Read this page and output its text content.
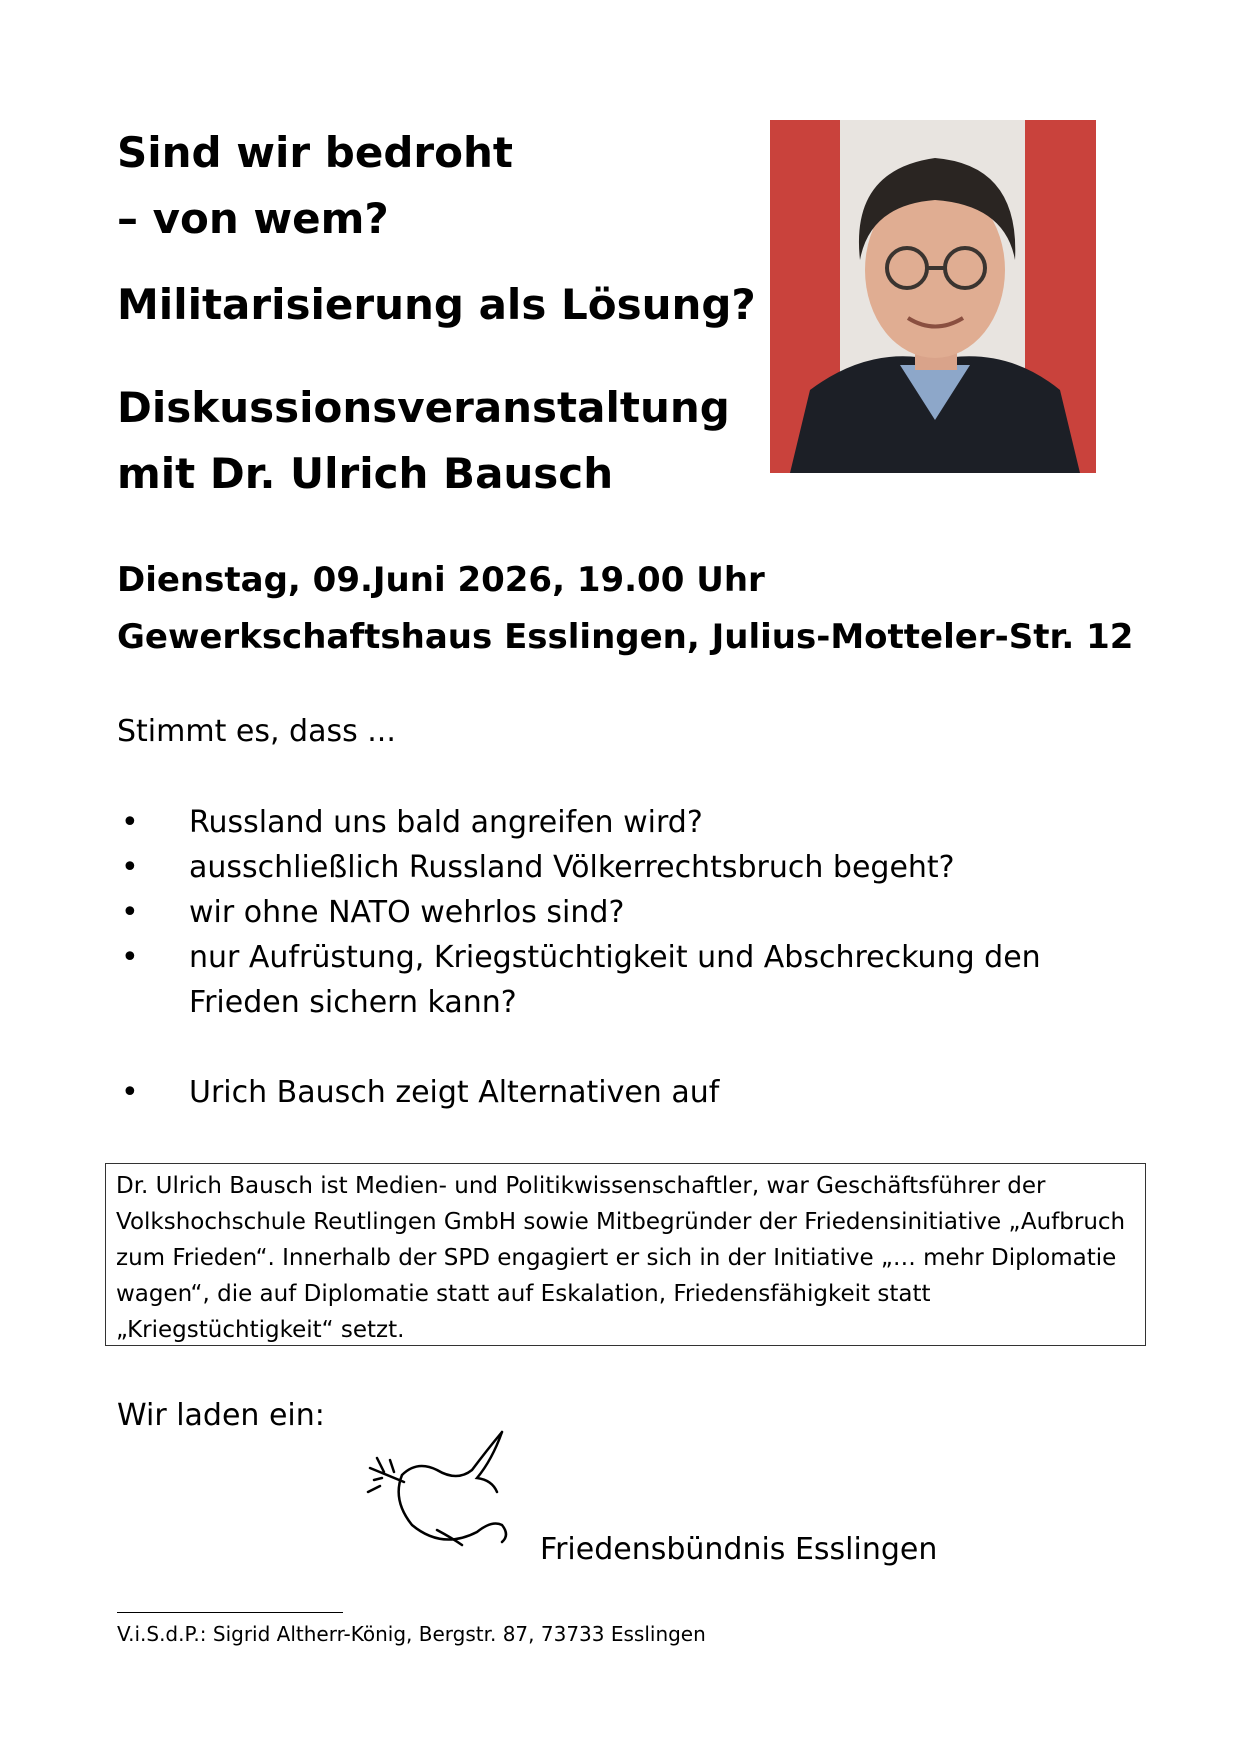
Sind wir bedroht
– von wem?
Militarisierung als Lösung?
Diskussionsveranstaltung
mit Dr. Ulrich Bausch
Dienstag, 09.Juni 2026, 19.00 Uhr
Gewerkschaftshaus Esslingen, Julius-Motteler-Str. 12
Stimmt es, dass ...

• Russland uns bald angreifen wird?

• ausschließlich Russland Völkerrechtsbruch begeht?

• wir ohne NATO wehrlos sind?

• nur Aufrüstung, Kriegstüchtigkeit und Abschreckung den Frieden sichern kann?

• Urich Bausch zeigt Alternativen auf

Dr. Ulrich Bausch ist Medien- und Politikwissenschaftler, war Geschäftsführer der Volkshochschule Reutlingen GmbH sowie Mitbegründer der Friedensinitiative „Aufbruch zum Frieden“. Innerhalb der SPD engagiert er sich in der Initiative „… mehr Diplomatie wagen“, die auf Diplomatie statt auf Eskalation, Friedensfähigkeit statt „Kriegstüchtigkeit“ setzt.
Wir laden ein:
Friedensbündnis Esslingen
V.i.S.d.P.: Sigrid Altherr-König, Bergstr. 87, 73733 Esslingen
